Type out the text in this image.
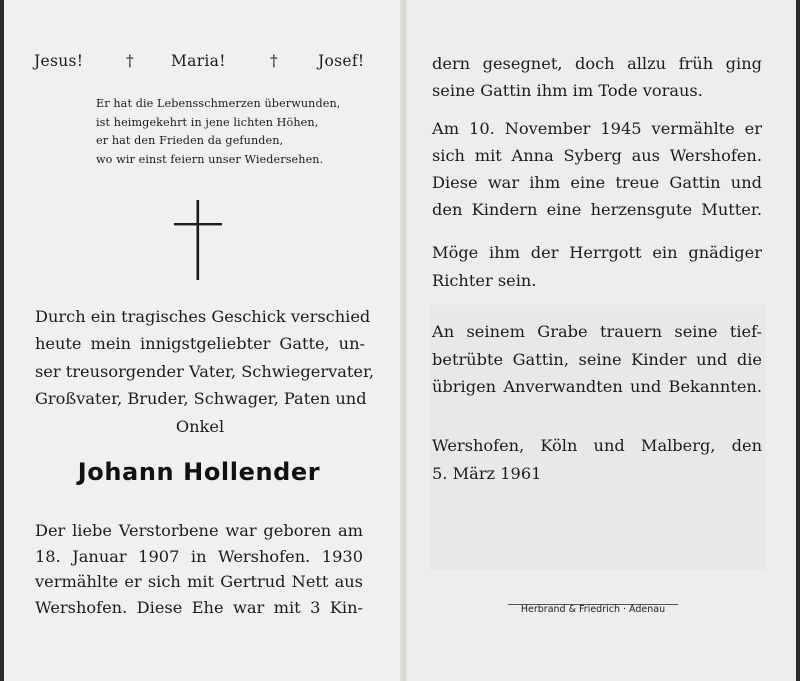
Jesus!	† Maria!	†	Josef!
Er hat die Lebensschmerzen überwunden,
ist heimgekehrt in jene lichten Höhen,
er hat den Frieden da gefunden,
wo wir einst feiern unser Wiedersehen.
Durch ein tragisches Geschick verschied
heute mein innigstgeliebter Gatte, un-
ser treusorgender Vater, Schwiegervater,
Großvater, Bruder, Schwager, Paten und
Onkel
Johann Hollender
Der liebe Verstorbene war geboren am
18. Januar 1907 in Wershofen. 1930
vermählte er sich mit Gertrud Nett aus
Wershofen. Diese Ehe war mit 3 Kin-
dern gesegnet, doch allzu früh ging
seine Gattin ihm im Tode voraus.
Am 10. November 1945 vermählte er
sich mit Anna Syberg aus Wershofen.
Diese war ihm eine treue Gattin und
den Kindern eine herzensgute Mutter.
Möge ihm der Herrgott ein gnädiger
Richter sein.
An seinem Grabe trauern seine tief-
betrübte Gattin, seine Kinder und die
übrigen Anverwandten und Bekannten.
Wershofen, Köln und Malberg, den
5. März 1961
Herbrand & Friedrich · Adenau
